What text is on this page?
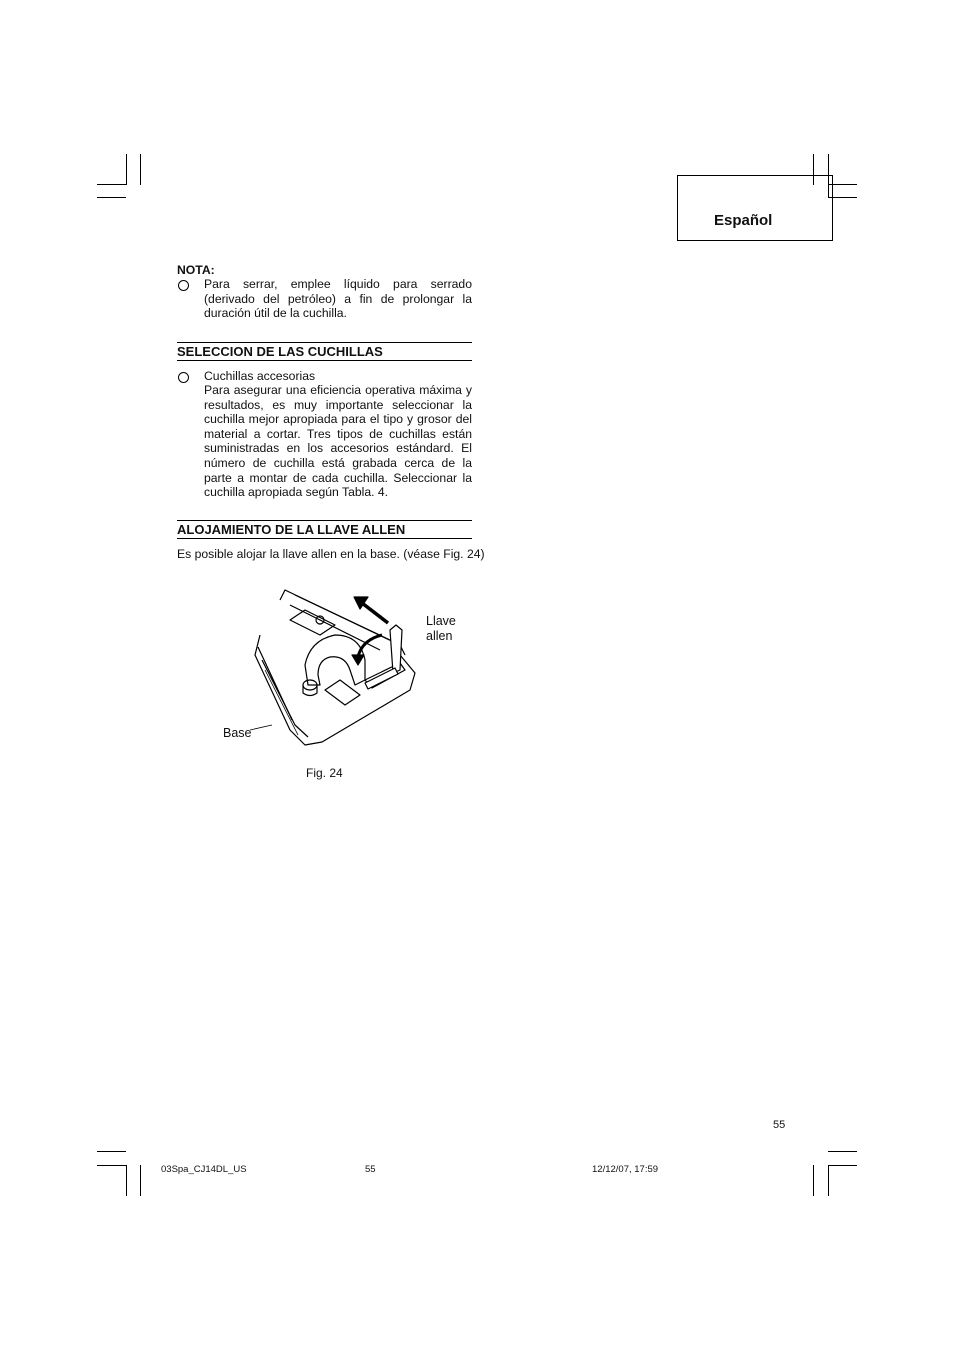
Español
NOTA:
Para serrar, emplee líquido para serrado (derivado del petróleo) a fin de prolongar la duración útil de la cuchilla.
SELECCION DE LAS CUCHILLAS
Cuchillas accesorias
Para asegurar una eficiencia operativa máxima y resultados, es muy importante seleccionar la cuchilla mejor apropiada para el tipo y grosor del material a cortar. Tres tipos de cuchillas están suministradas en los accesorios estándard. El número de cuchilla está grabada cerca de la parte a montar de cada cuchilla. Seleccionar la cuchilla apropiada según Tabla. 4.
ALOJAMIENTO DE LA LLAVE ALLEN
Es posible alojar la llave allen en la base. (véase Fig. 24)
Llave
allen
Base
Fig. 24
55
03Spa_CJ14DL_US	55	12/12/07, 17:59
